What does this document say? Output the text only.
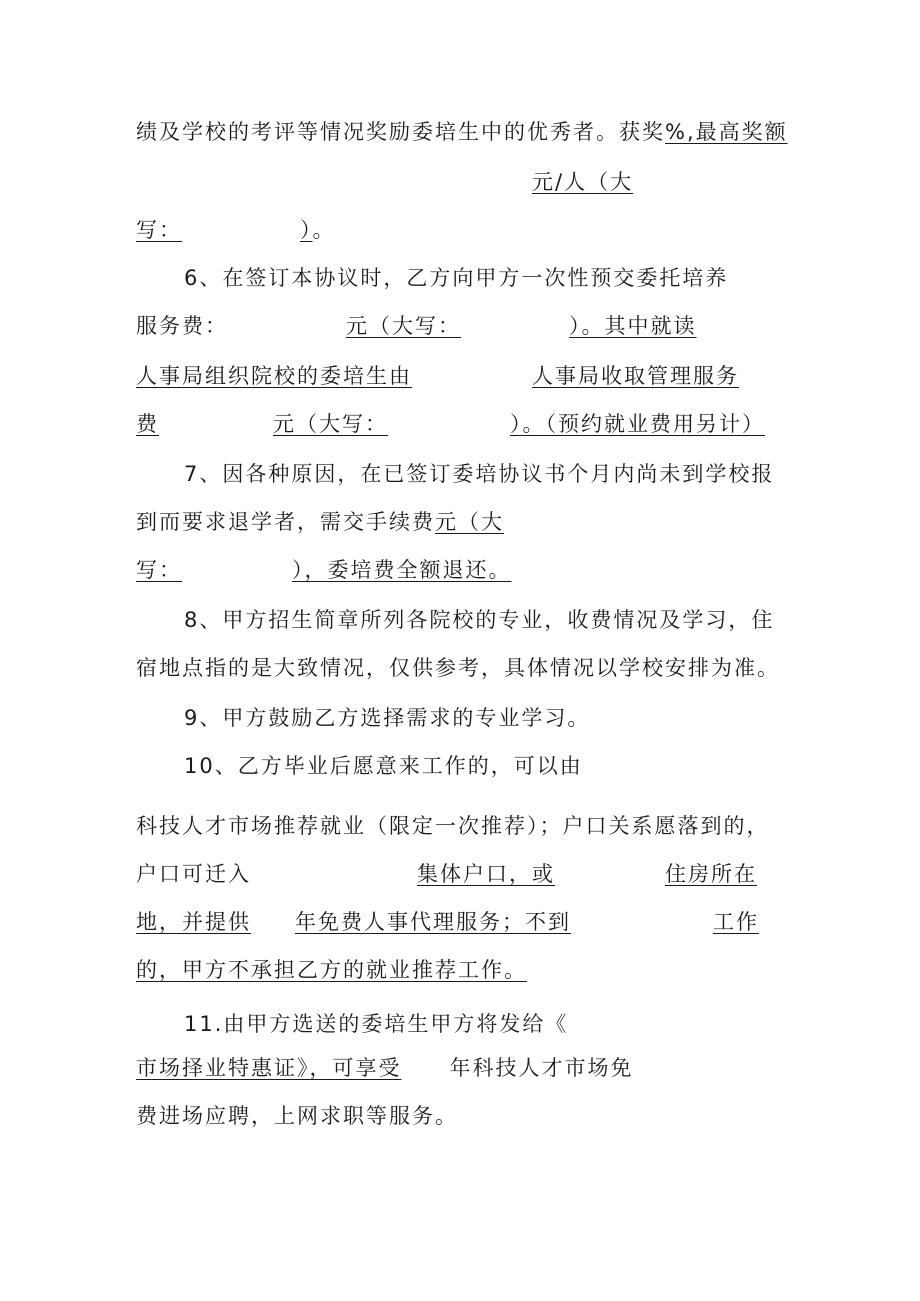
绩及学校的考评等情况奖励委培生中的优秀者。获奖%,最高奖额
元/人（大
写：	）。
6、在签订本协议时，乙方向甲方一次性预交委托培养
服务费：	元（大写：	）。其中就读
人事局组织院校的委培生由	人事局收取管理服务
费	元（大写：	）。（预约就业费用另计）
7、因各种原因，在已签订委培协议书个月内尚未到学校报
到而要求退学者，需交手续费元（大
写：	），委培费全额退还。
8、甲方招生简章所列各院校的专业，收费情况及学习，住
宿地点指的是大致情况，仅供参考，具体情况以学校安排为准。
9、甲方鼓励乙方选择需求的专业学习。
10、乙方毕业后愿意来工作的，可以由
科技人才市场推荐就业（限定一次推荐）；户口关系愿落到的，
户口可迁入	集体户口，或	住房所在
地，并提供 年免费人事代理服务；不到	工作
的，甲方不承担乙方的就业推荐工作。
11.由甲方选送的委培生甲方将发给《
市场择业特惠证》，可享受 年科技人才市场免
费进场应聘，上网求职等服务。
